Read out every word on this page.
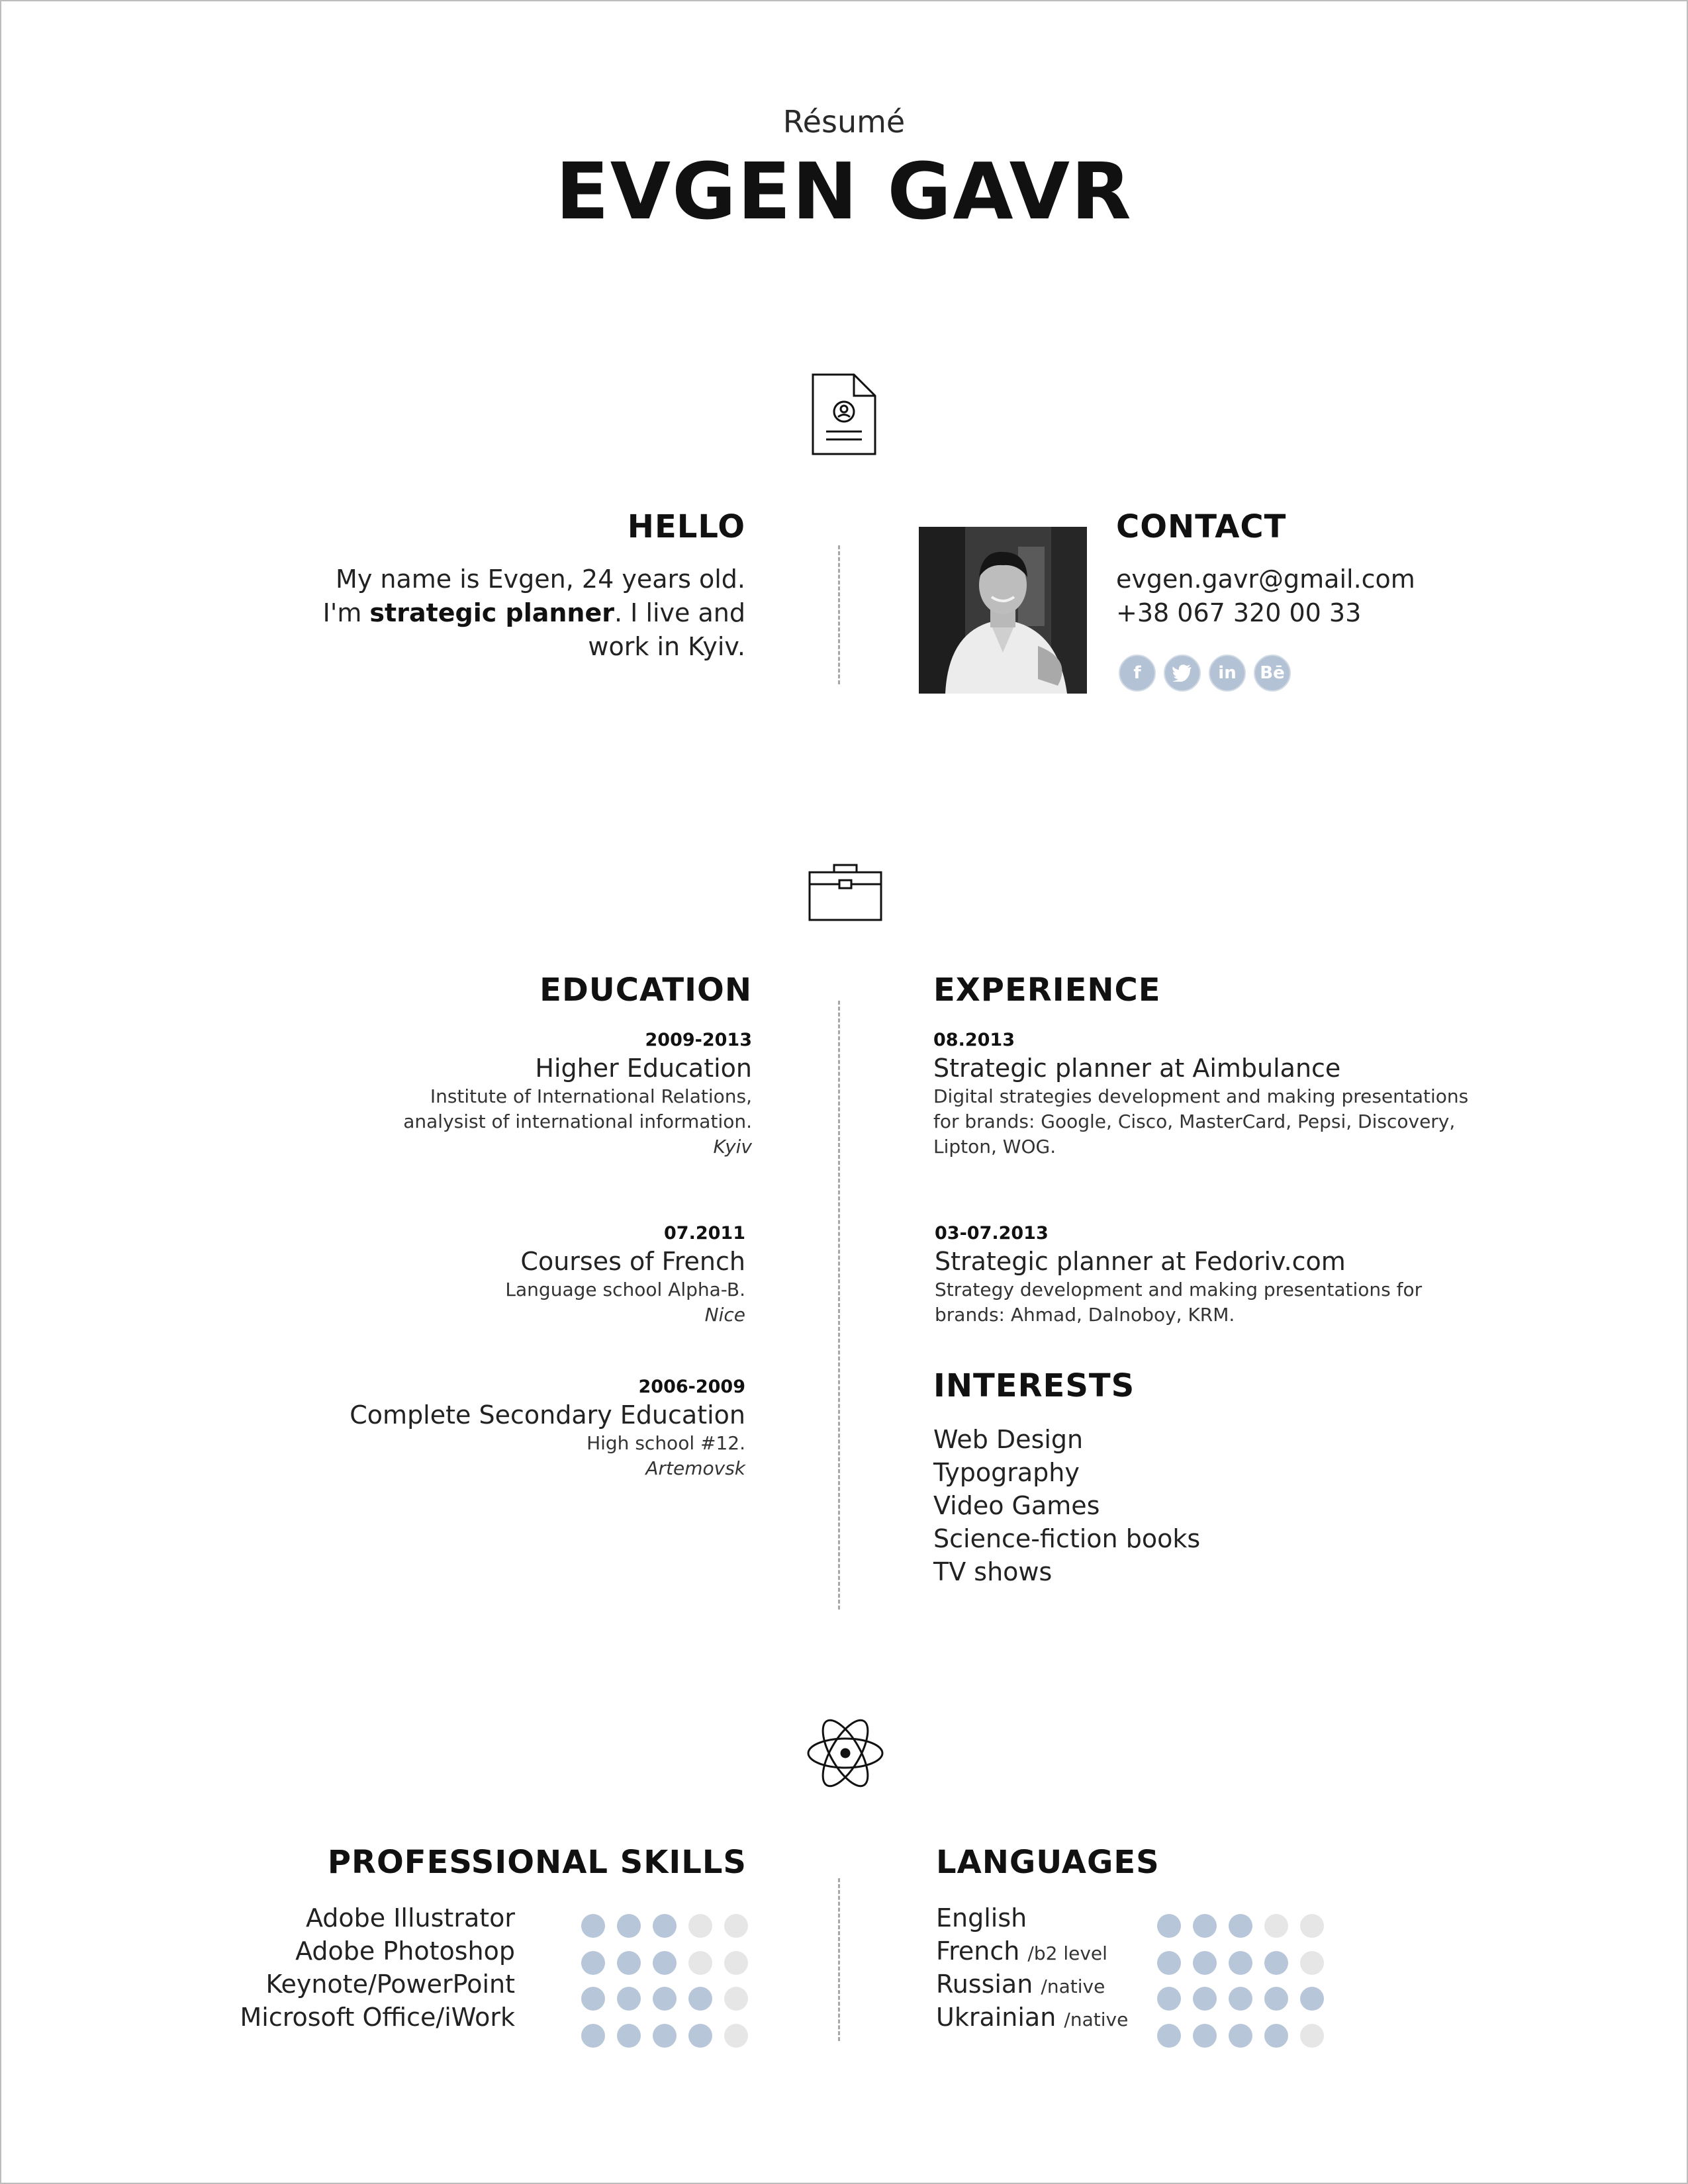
Résumé
EVGEN GAVR
HELLO
My name is Evgen, 24 years old.
I'm strategic planner. I live and
work in Kyiv.
CONTACT
evgen.gavr@gmail.com
+38 067 320 00 33
f	in	Bē
EDUCATION
2009-2013
Higher Education
Institute of International Relations,
analysist of international information.
Kyiv
07.2011
Courses of French
Language school Alpha-B.
Nice
2006-2009
Complete Secondary Education
High school #12.
Artemovsk
EXPERIENCE
08.2013
Strategic planner at Aimbulance
Digital strategies development and making presentations
for brands: Google, Cisco, MasterCard, Pepsi, Discovery,
Lipton, WOG.
03-07.2013
Strategic planner at Fedoriv.com
Strategy development and making presentations for
brands: Ahmad, Dalnoboy, KRM.
INTERESTS
Web Design
Typography
Video Games
Science-fiction books
TV shows
PROFESSIONAL SKILLS
Adobe Illustrator
Adobe Photoshop
Keynote/PowerPoint
Microsoft Office/iWork
LANGUAGES
English
French /b2 level
Russian /native
Ukrainian /native
